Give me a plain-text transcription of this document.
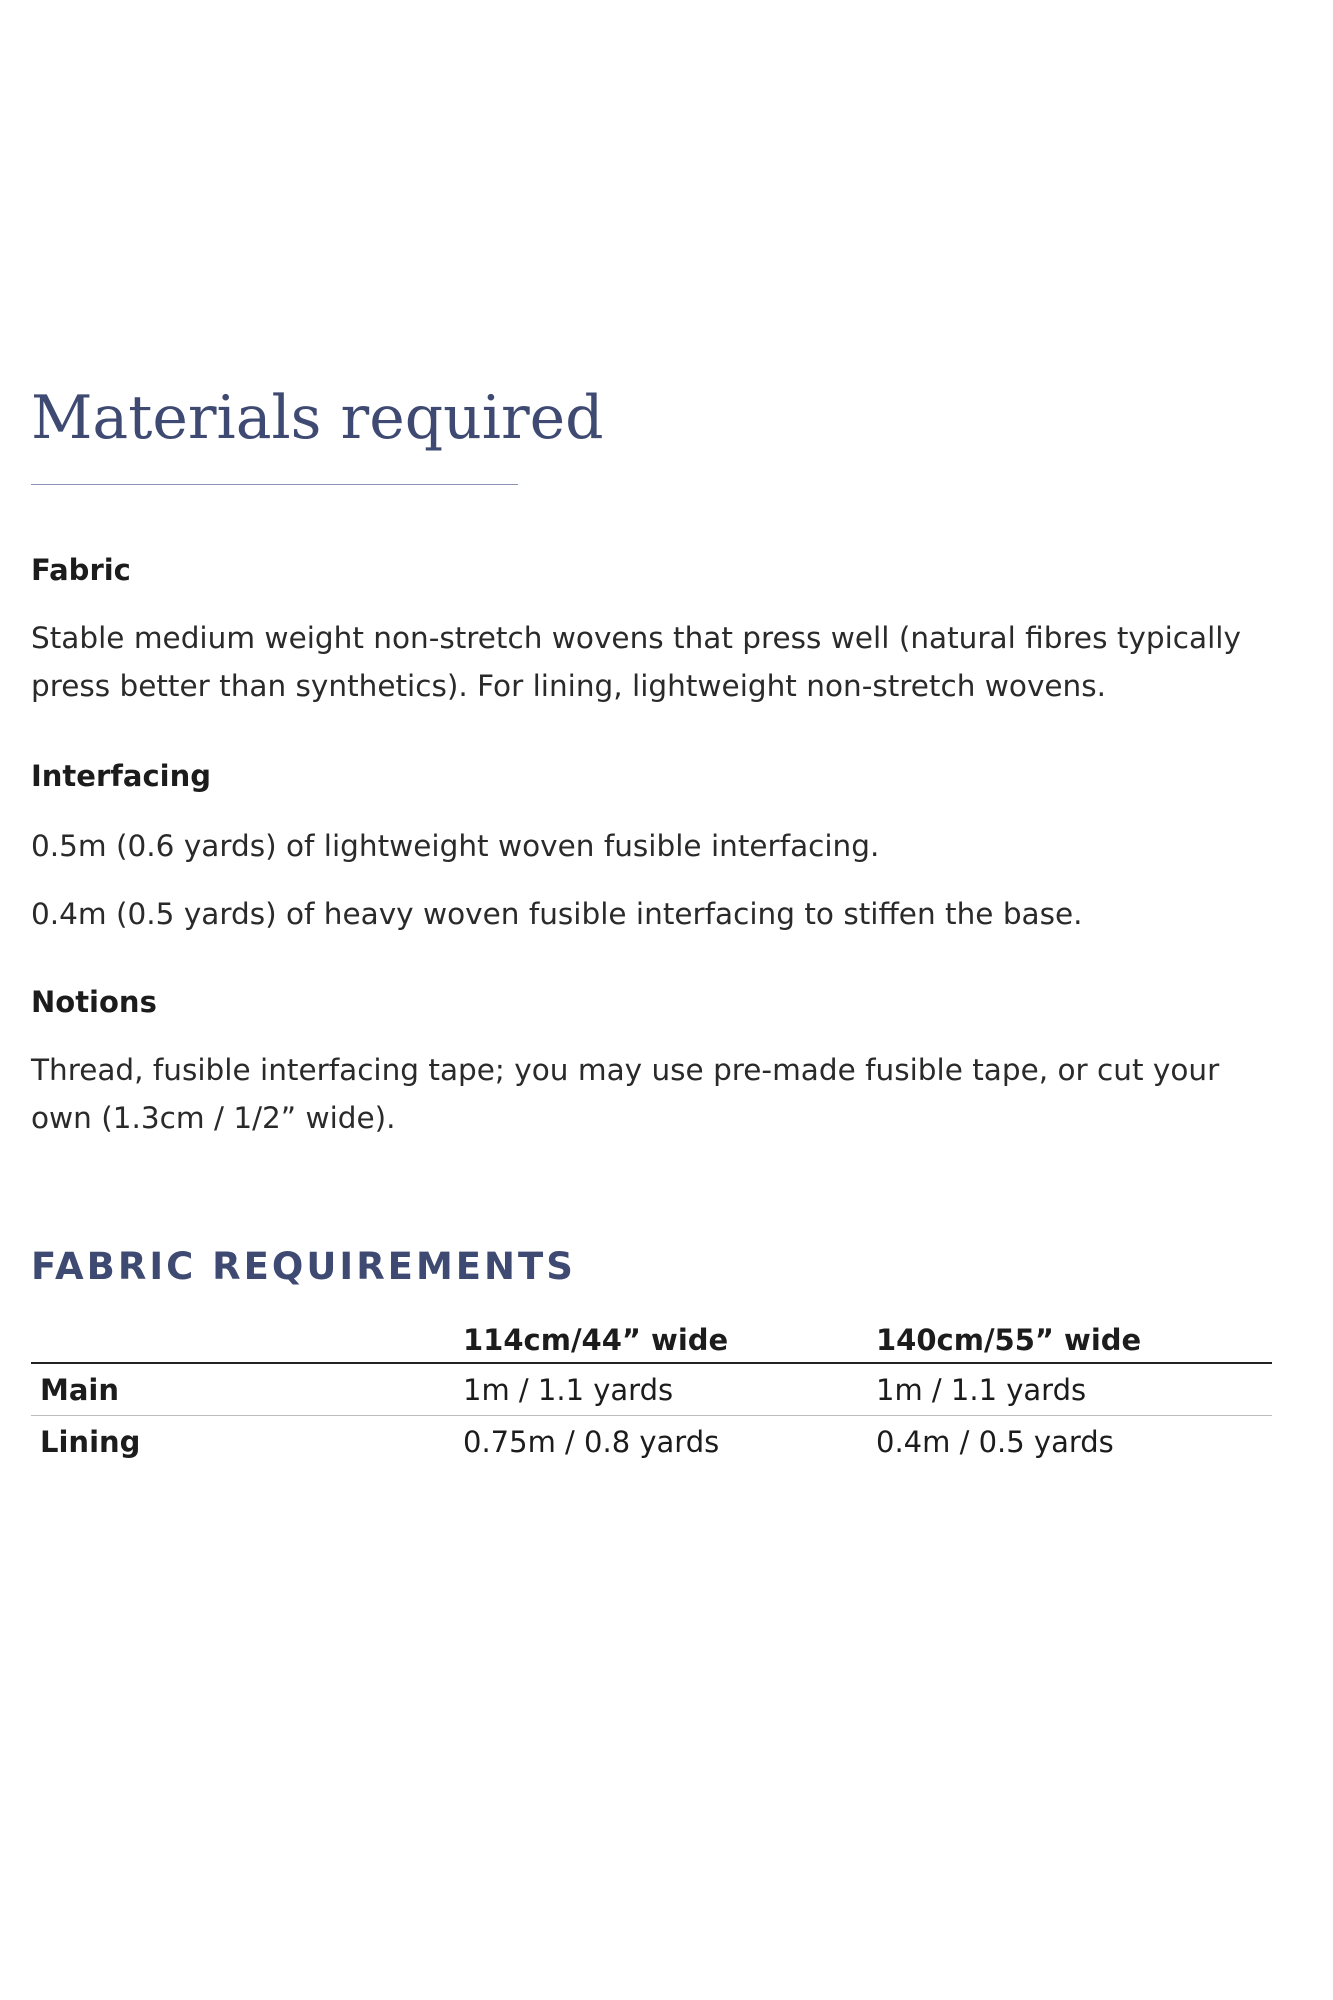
Materials required
Fabric

Stable medium weight non-stretch wovens that press well (natural fibres typically press better than synthetics). For lining, lightweight non-stretch wovens.

Interfacing

0.5m (0.6 yards) of lightweight woven fusible interfacing.

0.4m (0.5 yards) of heavy woven fusible interfacing to stiffen the base.

Notions

Thread, fusible interfacing tape; you may use pre-made fusible tape, or cut your own (1.3cm / 1/2” wide).

FABRIC REQUIREMENTS
	114cm/44” wide	140cm/55” wide
Main	1m / 1.1 yards	1m / 1.1 yards
Lining	0.75m / 0.8 yards	0.4m / 0.5 yards
